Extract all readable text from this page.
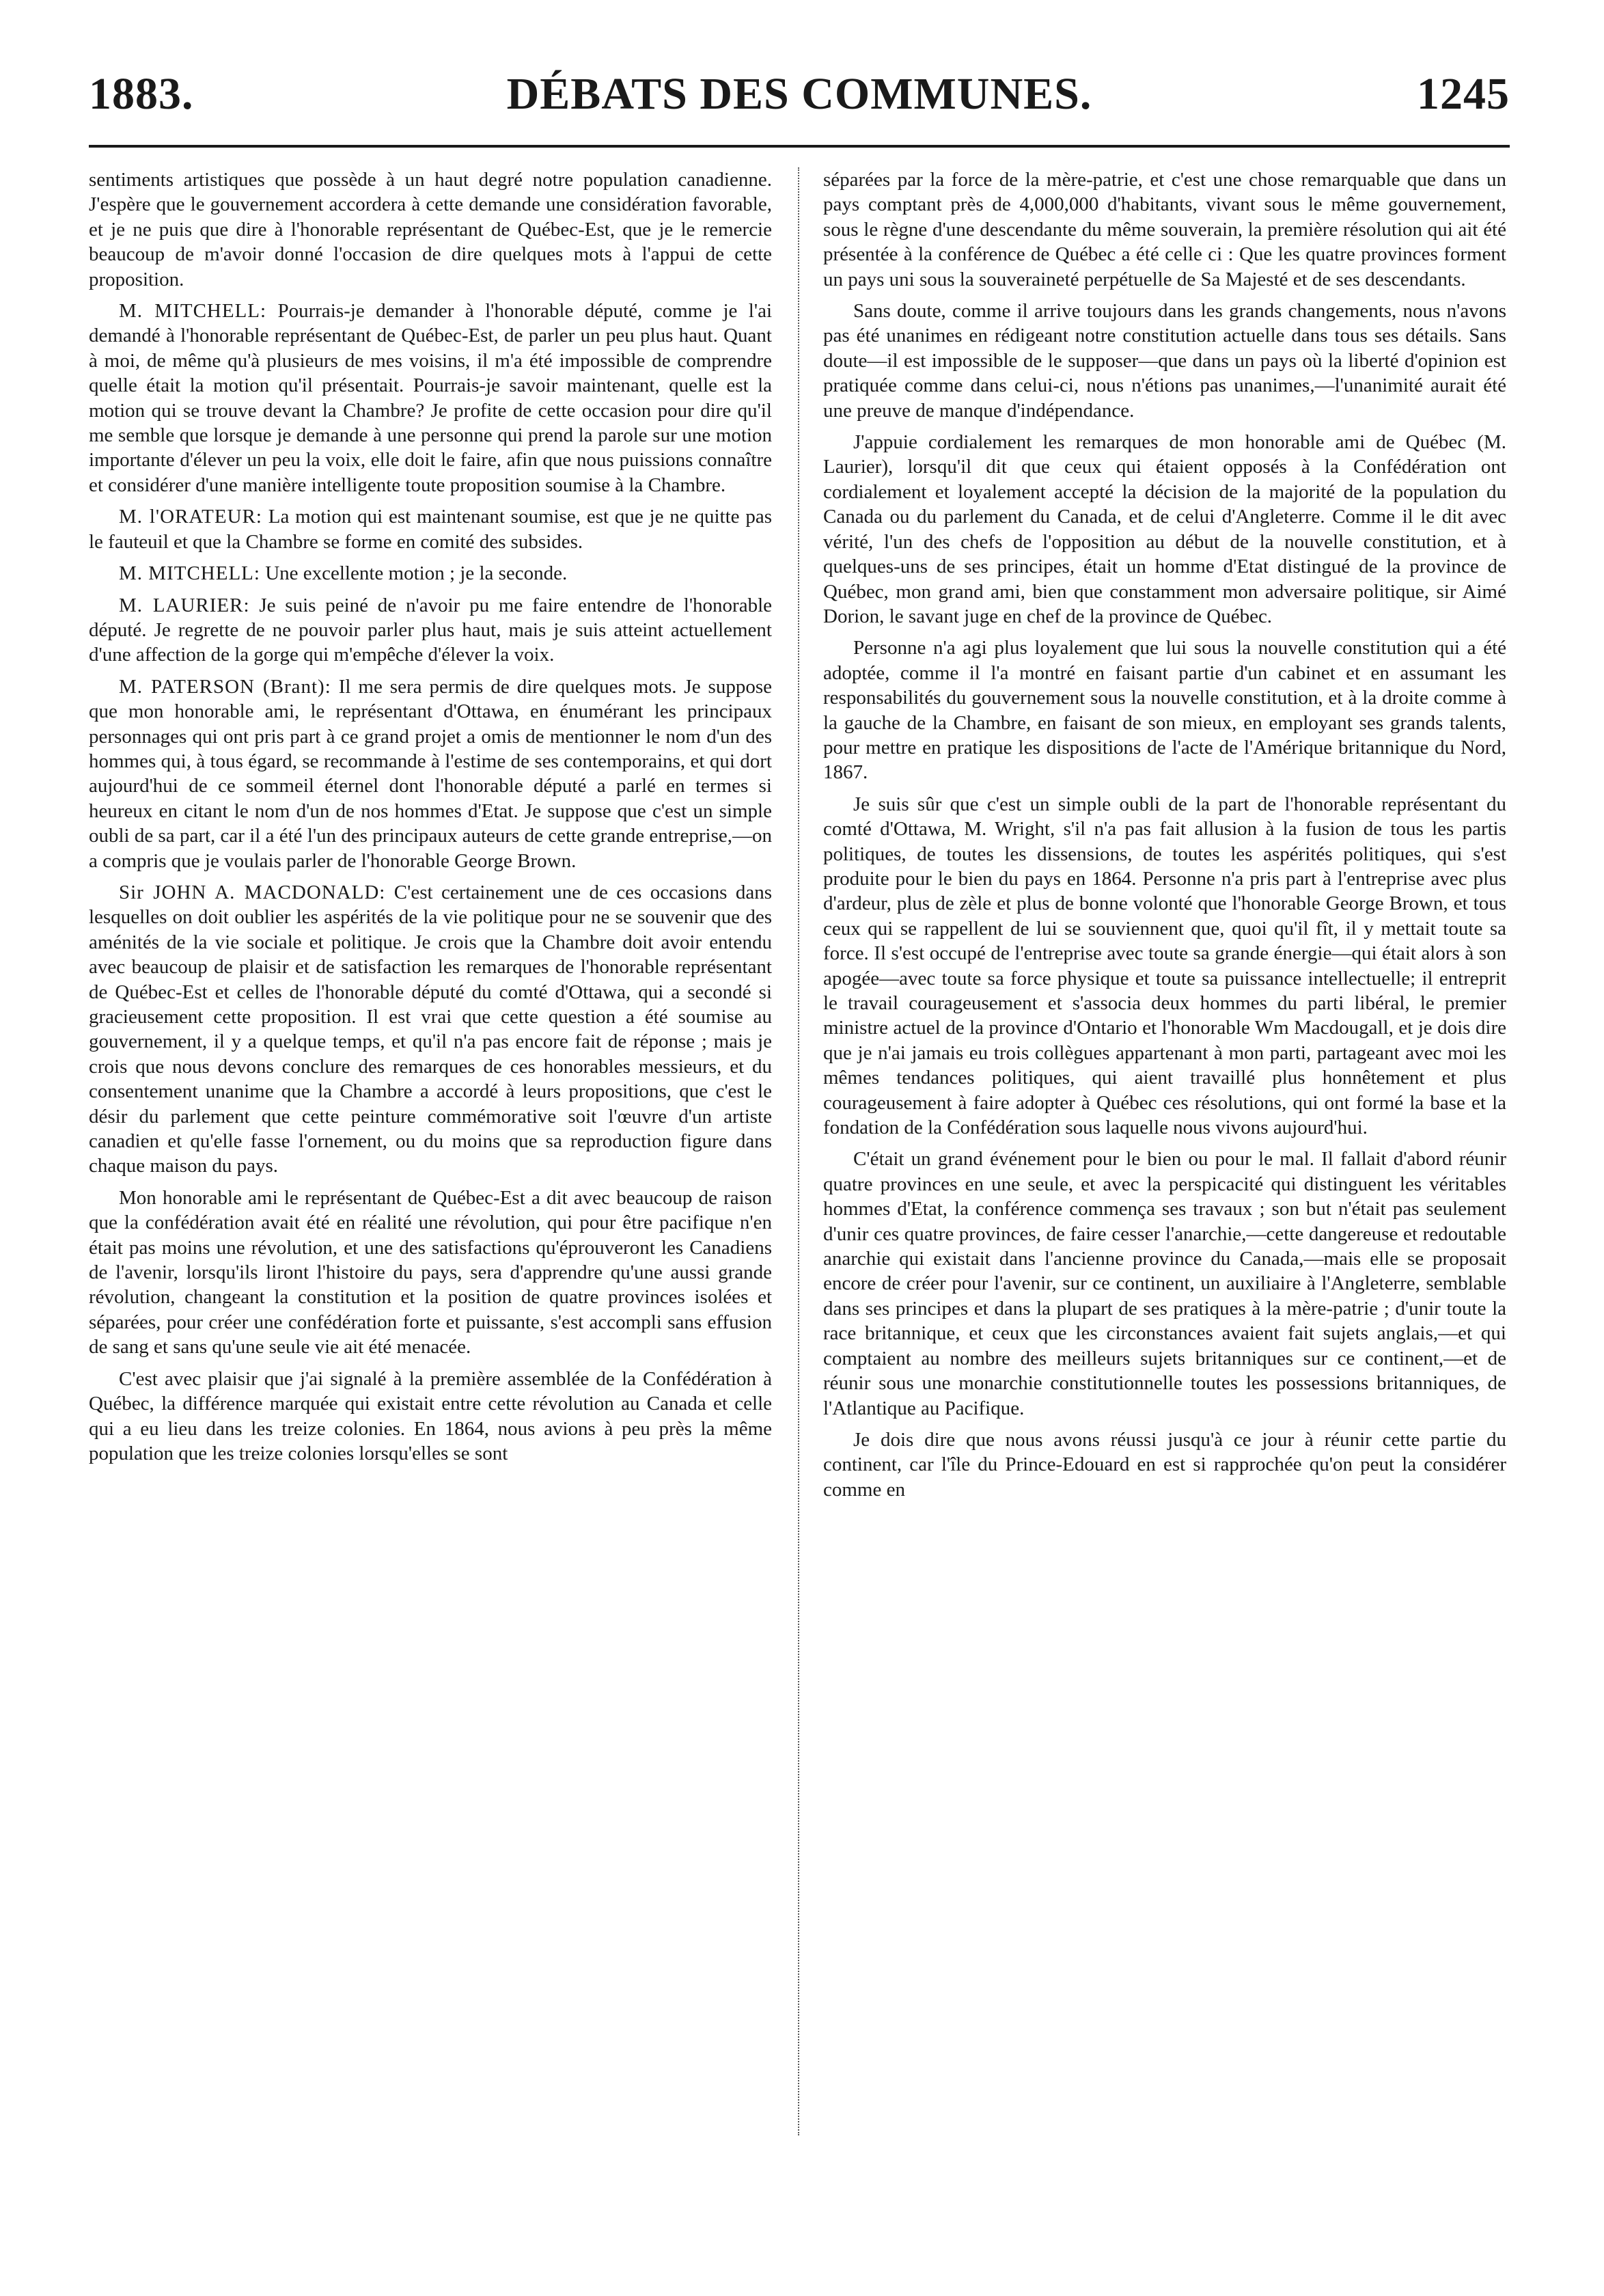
1883.	DÉBATS DES COMMUNES.	1245

sentiments artistiques que possède à un haut degré notre population canadienne. J'espère que le gouvernement accordera à cette demande une considération favorable, et je ne puis que dire à l'honorable représentant de Québec-Est, que je le remercie beaucoup de m'avoir donné l'occasion de dire quelques mots à l'appui de cette proposition.

M. MITCHELL: Pourrais-je demander à l'honorable député, comme je l'ai demandé à l'honorable représentant de Québec-Est, de parler un peu plus haut. Quant à moi, de même qu'à plusieurs de mes voisins, il m'a été impossible de comprendre quelle était la motion qu'il présentait. Pourrais-je savoir maintenant, quelle est la motion qui se trouve devant la Chambre? Je profite de cette occasion pour dire qu'il me semble que lorsque je demande à une personne qui prend la parole sur une motion importante d'élever un peu la voix, elle doit le faire, afin que nous puissions connaître et considérer d'une manière intelligente toute proposition soumise à la Chambre.

M. l'ORATEUR: La motion qui est maintenant soumise, est que je ne quitte pas le fauteuil et que la Chambre se forme en comité des subsides.

M. MITCHELL: Une excellente motion ; je la seconde.

M. LAURIER: Je suis peiné de n'avoir pu me faire entendre de l'honorable député. Je regrette de ne pouvoir parler plus haut, mais je suis atteint actuellement d'une affection de la gorge qui m'empêche d'élever la voix.

M. PATERSON (Brant): Il me sera permis de dire quelques mots. Je suppose que mon honorable ami, le représentant d'Ottawa, en énumérant les principaux personnages qui ont pris part à ce grand projet a omis de mentionner le nom d'un des hommes qui, à tous égard, se recommande à l'estime de ses contemporains, et qui dort aujourd'hui de ce sommeil éternel dont l'honorable député a parlé en termes si heureux en citant le nom d'un de nos hommes d'Etat. Je suppose que c'est un simple oubli de sa part, car il a été l'un des principaux auteurs de cette grande entreprise,—on a compris que je voulais parler de l'honorable George Brown.

Sir JOHN A. MACDONALD: C'est certainement une de ces occasions dans lesquelles on doit oublier les aspérités de la vie politique pour ne se souvenir que des aménités de la vie sociale et politique. Je crois que la Chambre doit avoir entendu avec beaucoup de plaisir et de satisfaction les remarques de l'honorable représentant de Québec-Est et celles de l'honorable député du comté d'Ottawa, qui a secondé si gracieusement cette proposition. Il est vrai que cette question a été soumise au gouvernement, il y a quelque temps, et qu'il n'a pas encore fait de réponse ; mais je crois que nous devons conclure des remarques de ces honorables messieurs, et du consentement unanime que la Chambre a accordé à leurs propositions, que c'est le désir du parlement que cette peinture commémorative soit l'œuvre d'un artiste canadien et qu'elle fasse l'ornement, ou du moins que sa reproduction figure dans chaque maison du pays.

Mon honorable ami le représentant de Québec-Est a dit avec beaucoup de raison que la confédération avait été en réalité une révolution, qui pour être pacifique n'en était pas moins une révolution, et une des satisfactions qu'éprouveront les Canadiens de l'avenir, lorsqu'ils liront l'histoire du pays, sera d'apprendre qu'une aussi grande révolution, changeant la constitution et la position de quatre provinces isolées et séparées, pour créer une confédération forte et puissante, s'est accompli sans effusion de sang et sans qu'une seule vie ait été menacée.

C'est avec plaisir que j'ai signalé à la première assemblée de la Confédération à Québec, la différence marquée qui existait entre cette révolution au Canada et celle qui a eu lieu dans les treize colonies. En 1864, nous avions à peu près la même population que les treize colonies lorsqu'elles se sont

séparées par la force de la mère-patrie, et c'est une chose remarquable que dans un pays comptant près de 4,000,000 d'habitants, vivant sous le même gouvernement, sous le règne d'une descendante du même souverain, la première résolution qui ait été présentée à la conférence de Québec a été celle ci : Que les quatre provinces forment un pays uni sous la souveraineté perpétuelle de Sa Majesté et de ses descendants.

Sans doute, comme il arrive toujours dans les grands changements, nous n'avons pas été unanimes en rédigeant notre constitution actuelle dans tous ses détails. Sans doute—il est impossible de le supposer—que dans un pays où la liberté d'opinion est pratiquée comme dans celui-ci, nous n'étions pas unanimes,—l'unanimité aurait été une preuve de manque d'indépendance.

J'appuie cordialement les remarques de mon honorable ami de Québec (M. Laurier), lorsqu'il dit que ceux qui étaient opposés à la Confédération ont cordialement et loyalement accepté la décision de la majorité de la population du Canada ou du parlement du Canada, et de celui d'Angleterre. Comme il le dit avec vérité, l'un des chefs de l'opposition au début de la nouvelle constitution, et à quelques-uns de ses principes, était un homme d'Etat distingué de la province de Québec, mon grand ami, bien que constamment mon adversaire politique, sir Aimé Dorion, le savant juge en chef de la province de Québec.

Personne n'a agi plus loyalement que lui sous la nouvelle constitution qui a été adoptée, comme il l'a montré en faisant partie d'un cabinet et en assumant les responsabilités du gouvernement sous la nouvelle constitution, et à la droite comme à la gauche de la Chambre, en faisant de son mieux, en employant ses grands talents, pour mettre en pratique les dispositions de l'acte de l'Amérique britannique du Nord, 1867.

Je suis sûr que c'est un simple oubli de la part de l'honorable représentant du comté d'Ottawa, M. Wright, s'il n'a pas fait allusion à la fusion de tous les partis politiques, de toutes les dissensions, de toutes les aspérités politiques, qui s'est produite pour le bien du pays en 1864. Personne n'a pris part à l'entreprise avec plus d'ardeur, plus de zèle et plus de bonne volonté que l'honorable George Brown, et tous ceux qui se rappellent de lui se souviennent que, quoi qu'il fît, il y mettait toute sa force. Il s'est occupé de l'entreprise avec toute sa grande énergie—qui était alors à son apogée—avec toute sa force physique et toute sa puissance intellectuelle; il entreprit le travail courageusement et s'associa deux hommes du parti libéral, le premier ministre actuel de la province d'Ontario et l'honorable Wm Macdougall, et je dois dire que je n'ai jamais eu trois collègues appartenant à mon parti, partageant avec moi les mêmes tendances politiques, qui aient travaillé plus honnêtement et plus courageusement à faire adopter à Québec ces résolutions, qui ont formé la base et la fondation de la Confédération sous laquelle nous vivons aujourd'hui.

C'était un grand événement pour le bien ou pour le mal. Il fallait d'abord réunir quatre provinces en une seule, et avec la perspicacité qui distinguent les véritables hommes d'Etat, la conférence commença ses travaux ; son but n'était pas seulement d'unir ces quatre provinces, de faire cesser l'anarchie,—cette dangereuse et redoutable anarchie qui existait dans l'ancienne province du Canada,—mais elle se proposait encore de créer pour l'avenir, sur ce continent, un auxiliaire à l'Angleterre, semblable dans ses principes et dans la plupart de ses pratiques à la mère-patrie ; d'unir toute la race britannique, et ceux que les circonstances avaient fait sujets anglais,—et qui comptaient au nombre des meilleurs sujets britanniques sur ce continent,—et de réunir sous une monarchie constitutionnelle toutes les possessions britanniques, de l'Atlantique au Pacifique.

Je dois dire que nous avons réussi jusqu'à ce jour à réunir cette partie du continent, car l'île du Prince-Edouard en est si rapprochée qu'on peut la considérer comme en
